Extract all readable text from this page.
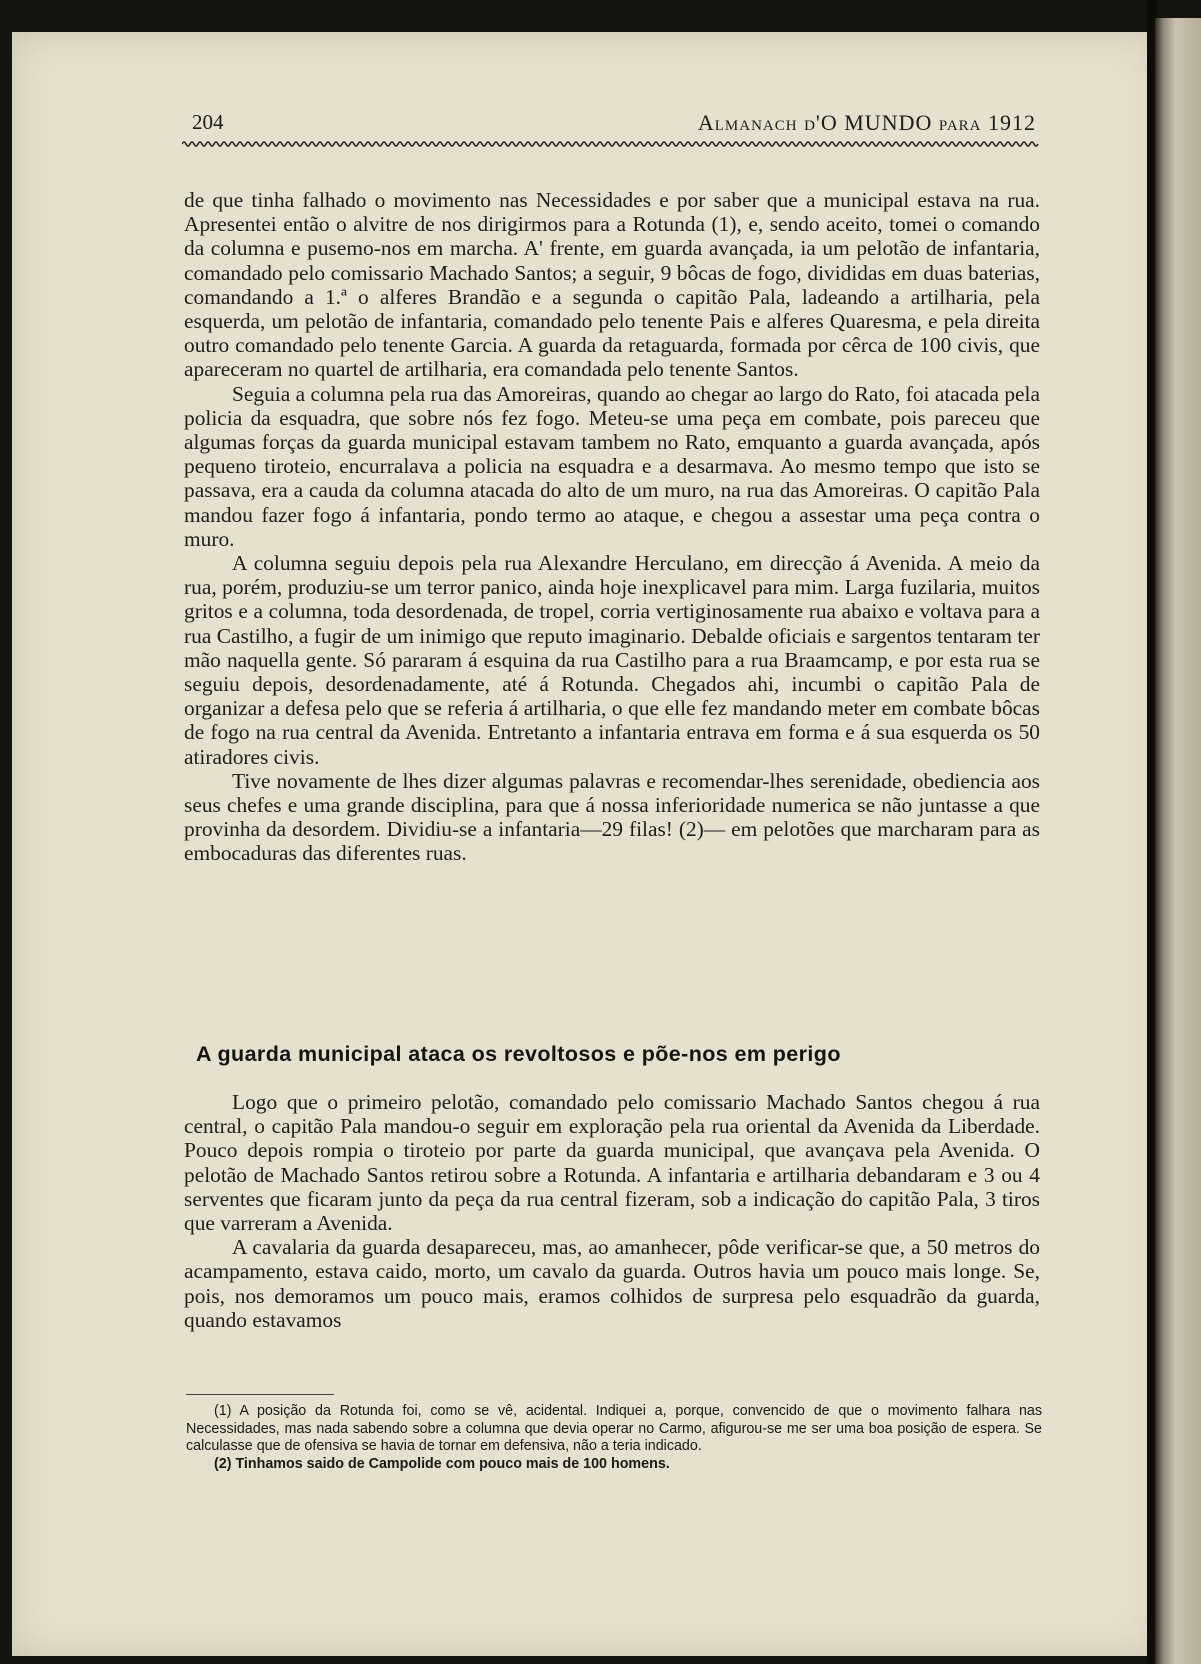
204	Almanach d'O MUNDO para 1912

de que tinha falhado o movimento nas Necessidades e por saber que a municipal estava na rua. Apresentei então o alvitre de nos dirigirmos para a Rotunda (1), e, sendo aceito, tomei o comando da columna e pusemo-nos em marcha. A' frente, em guarda avançada, ia um pelotão de infantaria, comandado pelo comissario Machado Santos; a seguir, 9 bôcas de fogo, divididas em duas baterias, comandando a 1.ª o alferes Brandão e a segunda o capitão Pala, ladeando a artilharia, pela esquerda, um pelotão de infantaria, comandado pelo tenente Pais e alferes Quaresma, e pela direita outro comandado pelo tenente Garcia. A guarda da retaguarda, formada por cêrca de 100 civis, que apareceram no quartel de artilharia, era comandada pelo tenente Santos.

Seguia a columna pela rua das Amoreiras, quando ao chegar ao largo do Rato, foi atacada pela policia da esquadra, que sobre nós fez fogo. Meteu-se uma peça em combate, pois pareceu que algumas forças da guarda municipal estavam tambem no Rato, emquanto a guarda avançada, após pequeno tiroteio, encurralava a policia na esquadra e a desarmava. Ao mesmo tempo que isto se passava, era a cauda da columna atacada do alto de um muro, na rua das Amoreiras. O capitão Pala mandou fazer fogo á infantaria, pondo termo ao ataque, e chegou a assestar uma peça contra o muro.

A columna seguiu depois pela rua Alexandre Herculano, em direcção á Avenida. A meio da rua, porém, produziu-se um terror panico, ainda hoje inexplicavel para mim. Larga fuzilaria, muitos gritos e a columna, toda desordenada, de tropel, corria vertiginosamente rua abaixo e voltava para a rua Castilho, a fugir de um inimigo que reputo imaginario. Debalde oficiais e sargentos tentaram ter mão naquella gente. Só pararam á esquina da rua Castilho para a rua Braamcamp, e por esta rua se seguiu depois, desordenadamente, até á Rotunda. Chegados ahi, incumbi o capitão Pala de organizar a defesa pelo que se referia á artilharia, o que elle fez mandando meter em combate bôcas de fogo na rua central da Avenida. Entretanto a infantaria entrava em forma e á sua esquerda os 50 atiradores civis.

Tive novamente de lhes dizer algumas palavras e recomendar-lhes serenidade, obediencia aos seus chefes e uma grande disciplina, para que á nossa inferioridade numerica se não juntasse a que provinha da desordem. Dividiu-se a infantaria—29 filas! (2)— em pelotões que marcharam para as embocaduras das diferentes ruas.

A guarda municipal ataca os revoltosos e põe-nos em perigo

Logo que o primeiro pelotão, comandado pelo comissario Machado Santos chegou á rua central, o capitão Pala mandou-o seguir em exploração pela rua oriental da Avenida da Liberdade. Pouco depois rompia o tiroteio por parte da guarda municipal, que avançava pela Avenida. O pelotão de Machado Santos retirou sobre a Rotunda. A infantaria e artilharia debandaram e 3 ou 4 serventes que ficaram junto da peça da rua central fizeram, sob a indicação do capitão Pala, 3 tiros que varreram a Avenida.

A cavalaria da guarda desapareceu, mas, ao amanhecer, pôde verificar-se que, a 50 metros do acampamento, estava caido, morto, um cavalo da guarda. Outros havia um pouco mais longe. Se, pois, nos demoramos um pouco mais, eramos colhidos de surpresa pelo esquadrão da guarda, quando estavamos

(1) A posição da Rotunda foi, como se vê, acidental. Indiquei a, porque, convencido de que o movimento falhara nas Necessidades, mas nada sabendo sobre a columna que devia operar no Carmo, afigurou-se me ser uma boa posição de espera. Se calculasse que de ofensiva se havia de tornar em defensiva, não a teria indicado.

(2) Tinhamos saido de Campolide com pouco mais de 100 homens.
